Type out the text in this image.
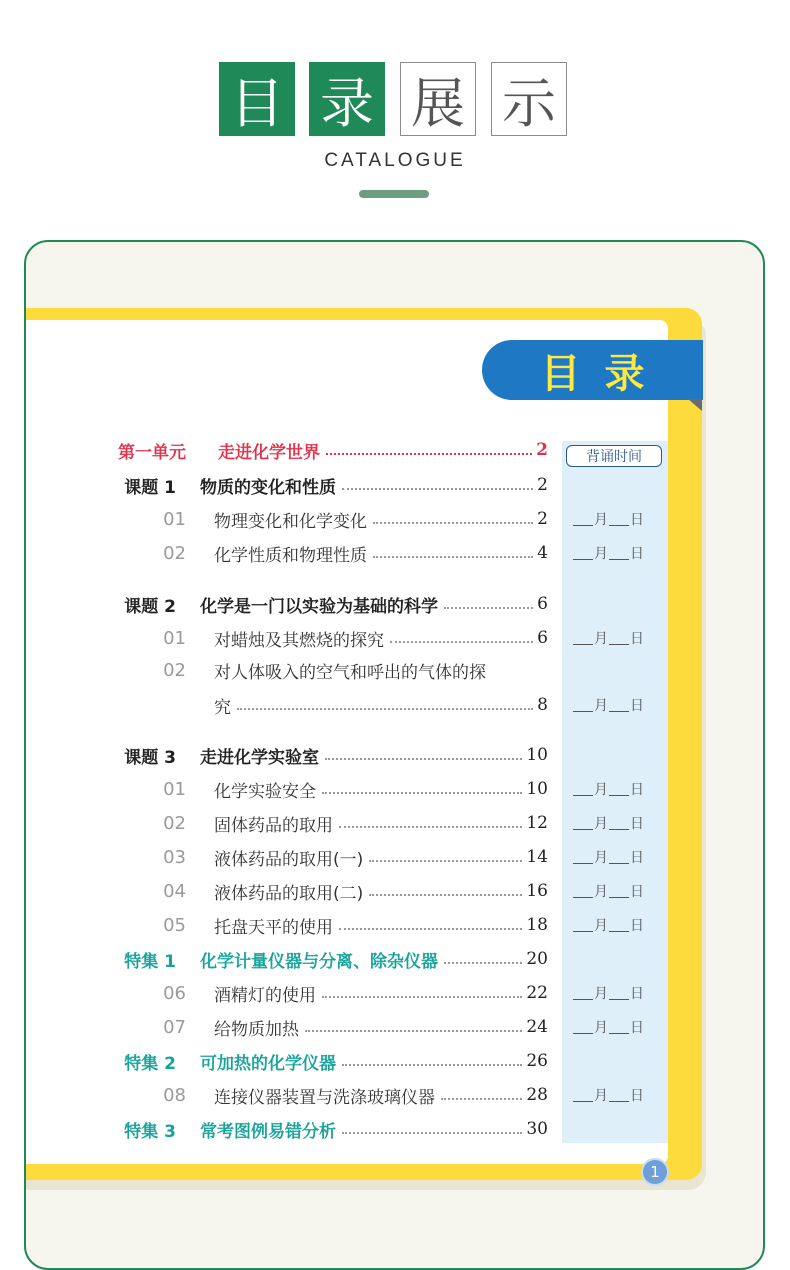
目 录 展 示
CATALOGUE
目录
背诵时间
第一单元 走进化学世界	2
课题 1 物质的变化和性质	2
01 物理变化和化学变化	2	月 日
02 化学性质和物理性质	4	月 日
课题 2 化学是一门以实验为基础的科学	6
01 对蜡烛及其燃烧的探究	6	月 日
02 对人体吸入的空气和呼出的气体的探
究	8	月 日
课题 3 走进化学实验室	10
01 化学实验安全	10	月 日
02 固体药品的取用	12	月 日
03 液体药品的取用(一)	14	月 日
04 液体药品的取用(二)	16	月 日
05 托盘天平的使用	18	月 日
特集 1 化学计量仪器与分离、除杂仪器	20
06 酒精灯的使用	22	月 日
07 给物质加热	24	月 日
特集 2 可加热的化学仪器	26
08 连接仪器装置与洗涤玻璃仪器	28	月 日
特集 3 常考图例易错分析	30
1
